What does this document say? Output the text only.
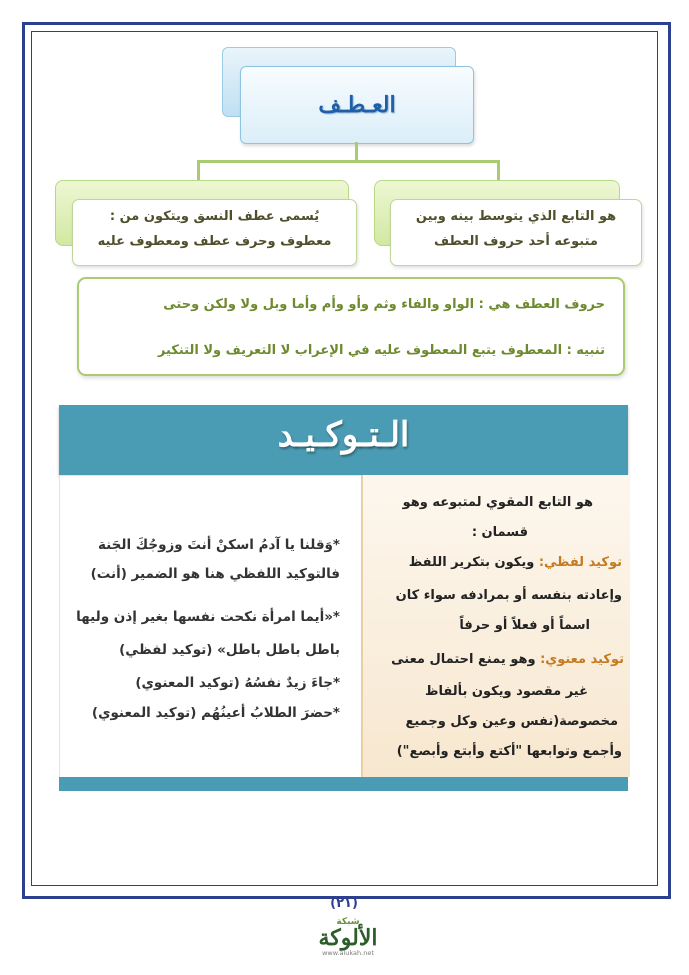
العـطـف
هو التابع الذي يتوسط بينه وبين
متبوعه أحد حروف العطف
يُسمى عطف النسق ويتكون من :
معطوف وحرف عطف ومعطوف عليه
حروف العطف هي : الواو والفاء وثم وأو وأم وأما وبل ولا ولكن وحتى
تنبيه : المعطوف يتبع المعطوف عليه في الإعراب لا التعريف ولا التنكير
الـتـوكـيـد
*وَقلنا يا آدمُ اسكنْ أنتَ وزوجُكَ الجَنة
فالتوكيد اللفظي هنا هو الضمير (أنت)
*«أيما امرأة نكحت نفسها بغير إذن وليها
باطل باطل باطل» (توكيد لفظي)
*جاءَ زيدٌ نفسُهُ (توكيد المعنوي)
*حضرَ الطلابُ أعينُهُم (توكيد المعنوي)
هو التابع المقوي لمتبوعه وهو
قسمان :
توكيد لفظي: ويكون بتكرير اللفظ
وإعادته بنفسه أو بمرادفه سواء كان
اسماً أو فعلاً أو حرفاً
توكيد معنوي: وهو يمنع احتمال معنى
غير مقصود ويكون بألفاظ
مخصوصة(نفس وعين وكل وجميع
وأجمع وتوابعها "أكتع وأبتع وأبصع")
(٢١)
شبكة
الألوكة
www.alukah.net
